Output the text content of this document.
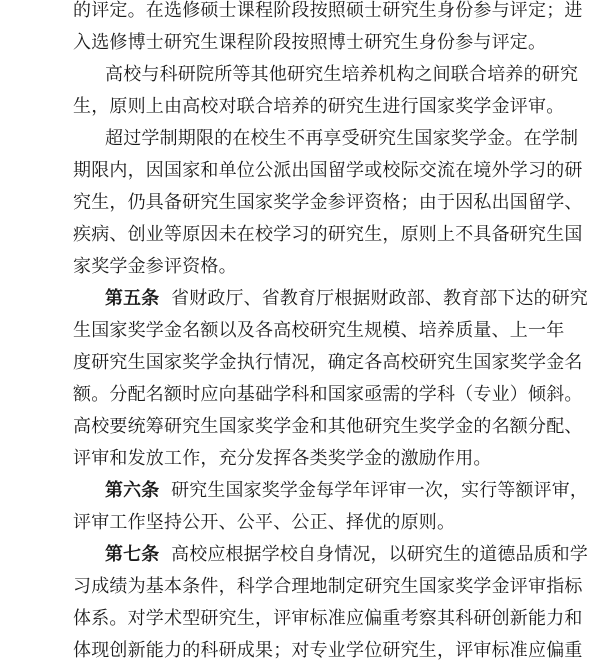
的评定。在选修硕士课程阶段按照硕士研究生身份参与评定；进
入选修博士研究生课程阶段按照博士研究生身份参与评定。
高校与科研院所等其他研究生培养机构之间联合培养的研究
生，原则上由高校对联合培养的研究生进行国家奖学金评审。
超过学制期限的在校生不再享受研究生国家奖学金。在学制
期限内，因国家和单位公派出国留学或校际交流在境外学习的研
究生，仍具备研究生国家奖学金参评资格；由于因私出国留学、
疾病、创业等原因未在校学习的研究生，原则上不具备研究生国
家奖学金参评资格。
第五条 省财政厅、省教育厅根据财政部、教育部下达的研究
生国家奖学金名额以及各高校研究生规模、培养质量、上一年
度研究生国家奖学金执行情况，确定各高校研究生国家奖学金名
额。分配名额时应向基础学科和国家亟需的学科（专业）倾斜。
高校要统筹研究生国家奖学金和其他研究生奖学金的名额分配、
评审和发放工作，充分发挥各类奖学金的激励作用。
第六条 研究生国家奖学金每学年评审一次，实行等额评审，
评审工作坚持公开、公平、公正、择优的原则。
第七条 高校应根据学校自身情况，以研究生的道德品质和学
习成绩为基本条件，科学合理地制定研究生国家奖学金评审指标
体系。对学术型研究生，评审标准应偏重考察其科研创新能力和
体现创新能力的科研成果；对专业学位研究生，评审标准应偏重
